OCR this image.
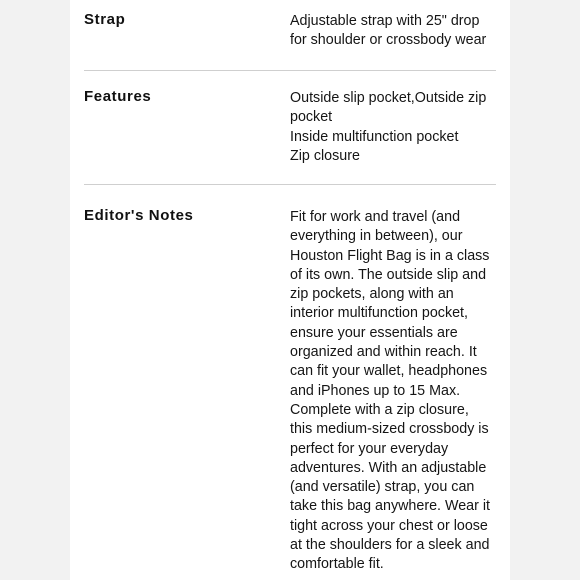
Strap	Adjustable strap with 25" drop
for shoulder or crossbody wear
Features	Outside slip pocket,Outside zip
pocket
Inside multifunction pocket
Zip closure
Editor's Notes	Fit for work and travel (and
everything in between), our
Houston Flight Bag is in a class
of its own. The outside slip and
zip pockets, along with an
interior multifunction pocket,
ensure your essentials are
organized and within reach. It
can fit your wallet, headphones
and iPhones up to 15 Max.
Complete with a zip closure,
this medium-sized crossbody is
perfect for your everyday
adventures. With an adjustable
(and versatile) strap, you can
take this bag anywhere. Wear it
tight across your chest or loose
at the shoulders for a sleek and
comfortable fit.
